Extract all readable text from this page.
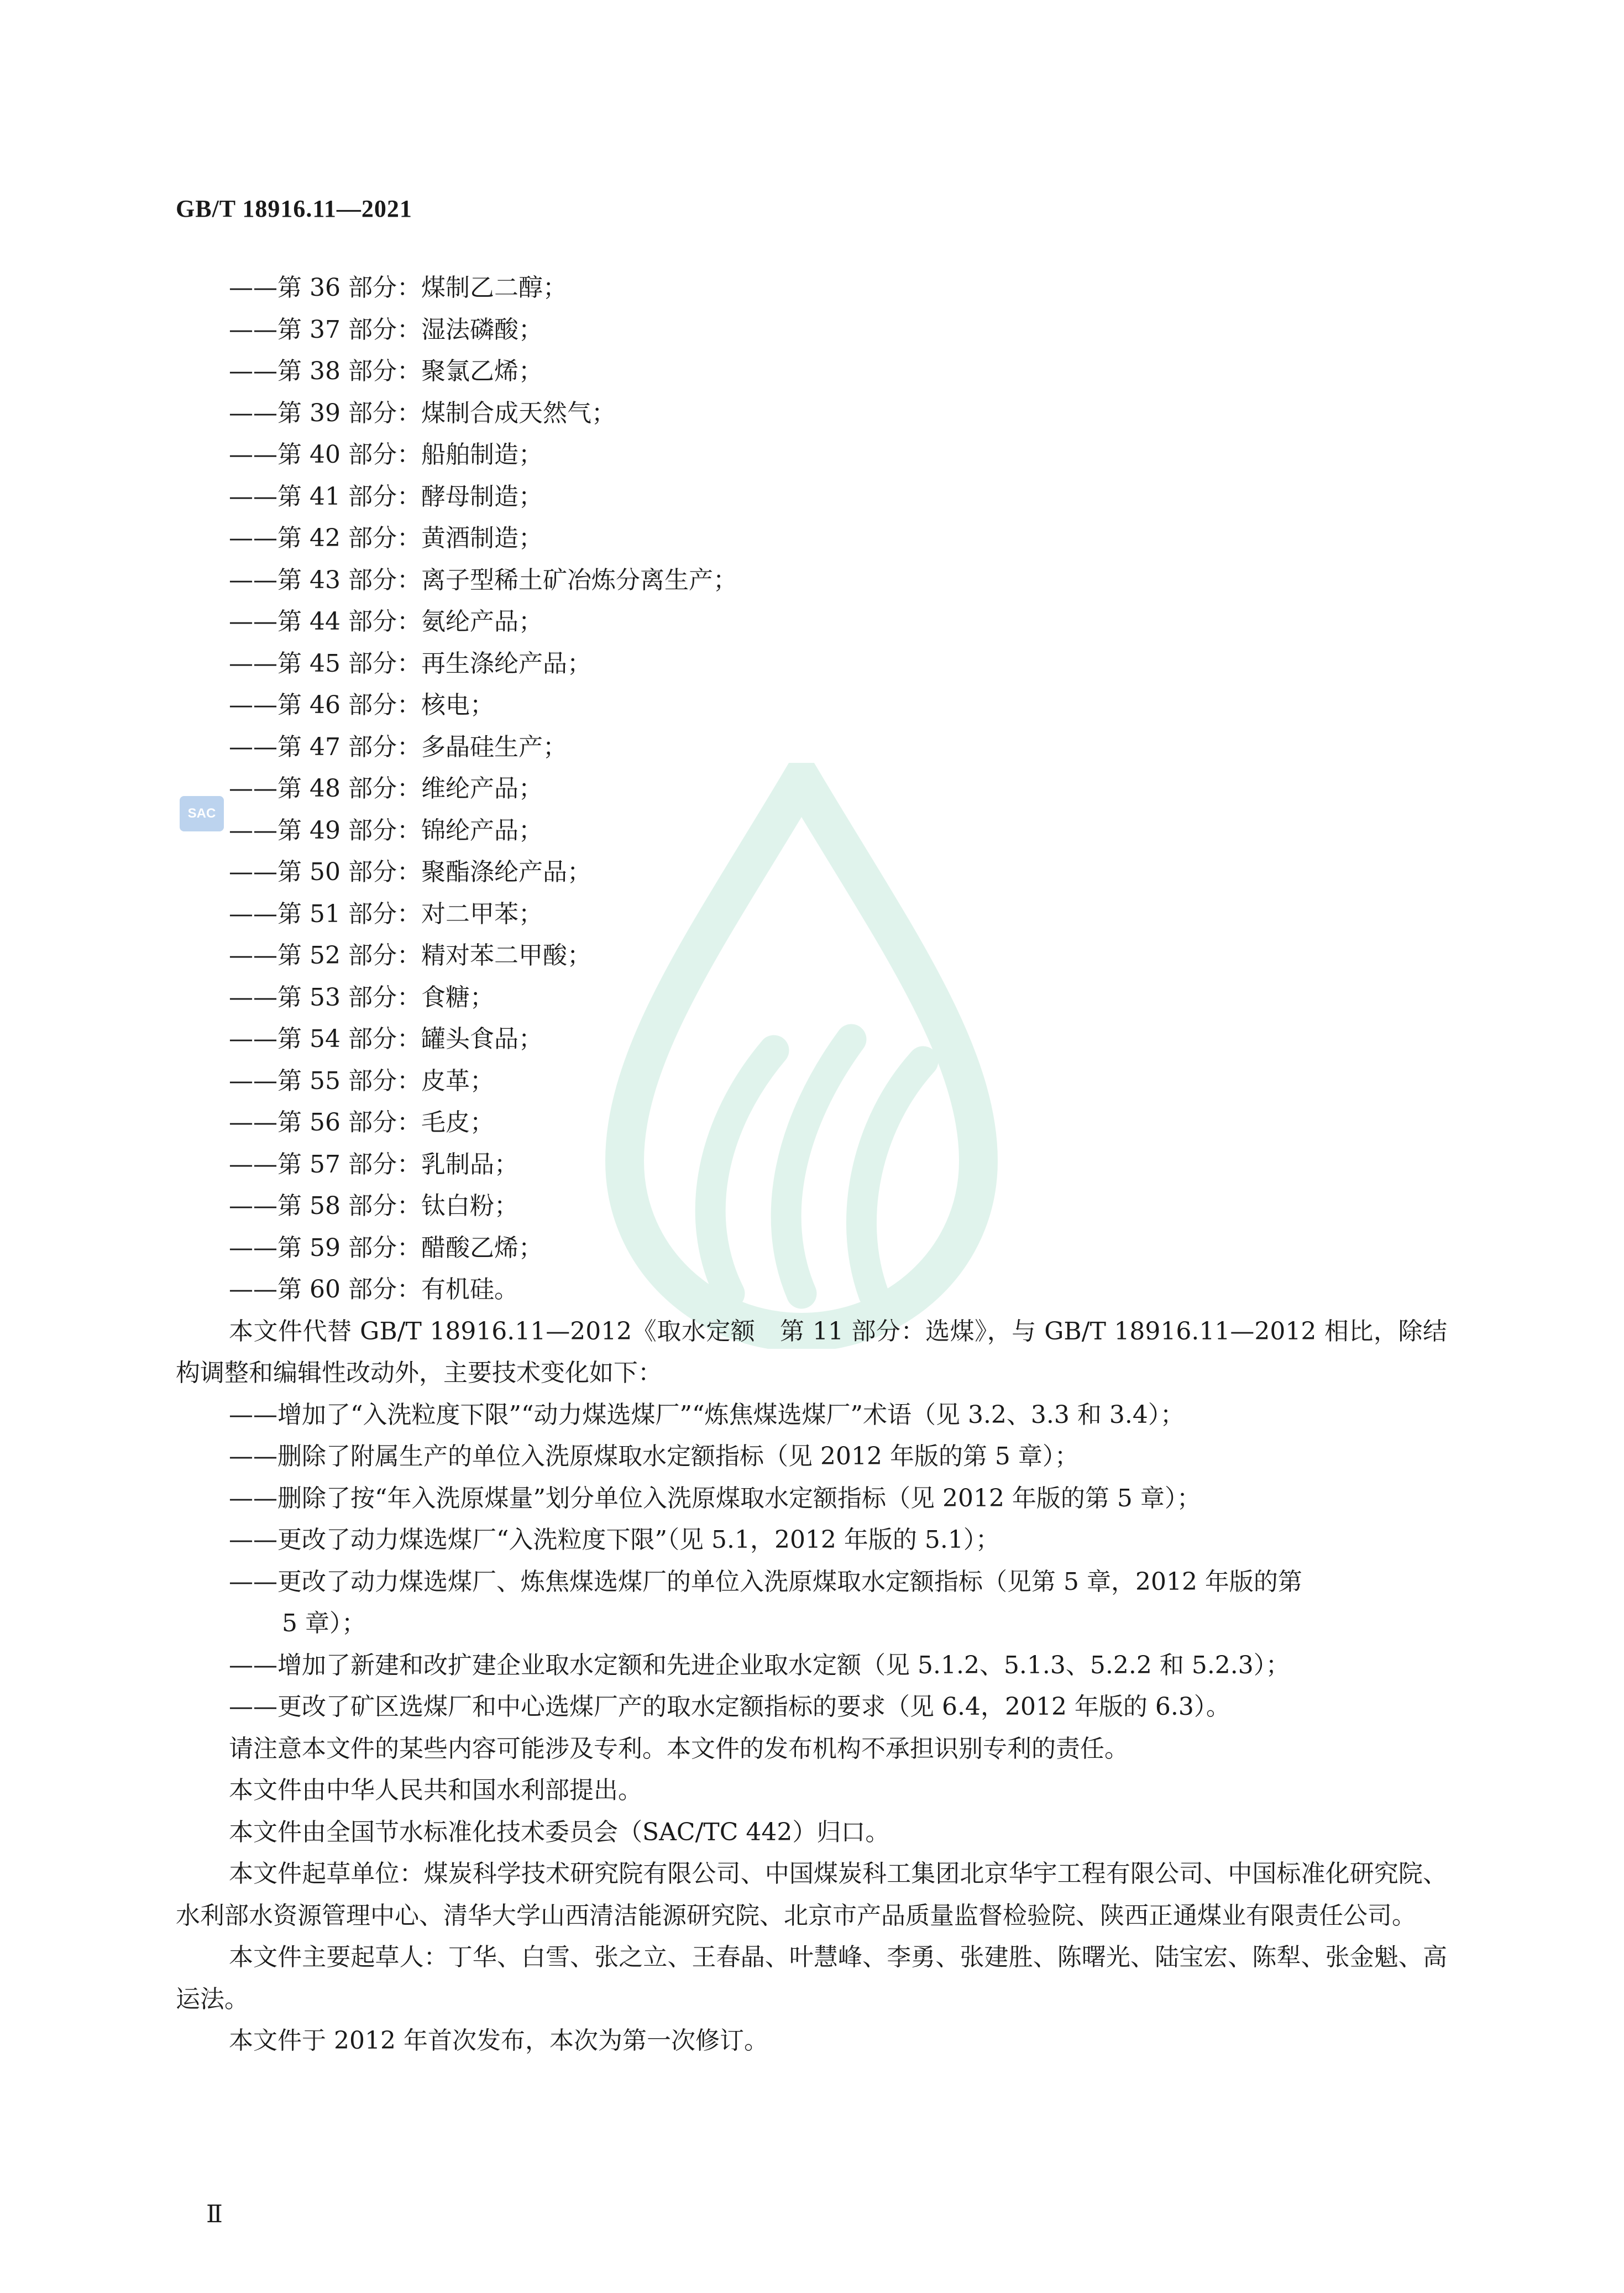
SAC
GB/T 18916.11—2021
——第 36 部分：煤制乙二醇；
——第 37 部分：湿法磷酸；
——第 38 部分：聚氯乙烯；
——第 39 部分：煤制合成天然气；
——第 40 部分：船舶制造；
——第 41 部分：酵母制造；
——第 42 部分：黄酒制造；
——第 43 部分：离子型稀土矿冶炼分离生产；
——第 44 部分：氨纶产品；
——第 45 部分：再生涤纶产品；
——第 46 部分：核电；
——第 47 部分：多晶硅生产；
——第 48 部分：维纶产品；
——第 49 部分：锦纶产品；
——第 50 部分：聚酯涤纶产品；
——第 51 部分：对二甲苯；
——第 52 部分：精对苯二甲酸；
——第 53 部分：食糖；
——第 54 部分：罐头食品；
——第 55 部分：皮革；
——第 56 部分：毛皮；
——第 57 部分：乳制品；
——第 58 部分：钛白粉；
——第 59 部分：醋酸乙烯；
——第 60 部分：有机硅。
本文件代替 GB/T 18916.11—2012《取水定额　第 11 部分：选煤》，与 GB/T 18916.11—2012 相比，除结构调整和编辑性改动外，主要技术变化如下：
——增加了“入洗粒度下限”“动力煤选煤厂”“炼焦煤选煤厂”术语（见 3.2、3.3 和 3.4）；
——删除了附属生产的单位入洗原煤取水定额指标（见 2012 年版的第 5 章）；
——删除了按“年入洗原煤量”划分单位入洗原煤取水定额指标（见 2012 年版的第 5 章）；
——更改了动力煤选煤厂“入洗粒度下限”（见 5.1，2012 年版的 5.1）；
——更改了动力煤选煤厂、炼焦煤选煤厂的单位入洗原煤取水定额指标（见第 5 章，2012 年版的第
5 章）；
——增加了新建和改扩建企业取水定额和先进企业取水定额（见 5.1.2、5.1.3、5.2.2 和 5.2.3）；
——更改了矿区选煤厂和中心选煤厂产的取水定额指标的要求（见 6.4，2012 年版的 6.3）。
请注意本文件的某些内容可能涉及专利。本文件的发布机构不承担识别专利的责任。
本文件由中华人民共和国水利部提出。
本文件由全国节水标准化技术委员会（SAC/TC 442）归口。
本文件起草单位：煤炭科学技术研究院有限公司、中国煤炭科工集团北京华宇工程有限公司、中国标准化研究院、水利部水资源管理中心、清华大学山西清洁能源研究院、北京市产品质量监督检验院、陕西正通煤业有限责任公司。
本文件主要起草人：丁华、白雪、张之立、王春晶、叶慧峰、李勇、张建胜、陈曙光、陆宝宏、陈犁、张金魁、高运法。
本文件于 2012 年首次发布，本次为第一次修订。
Ⅱ
